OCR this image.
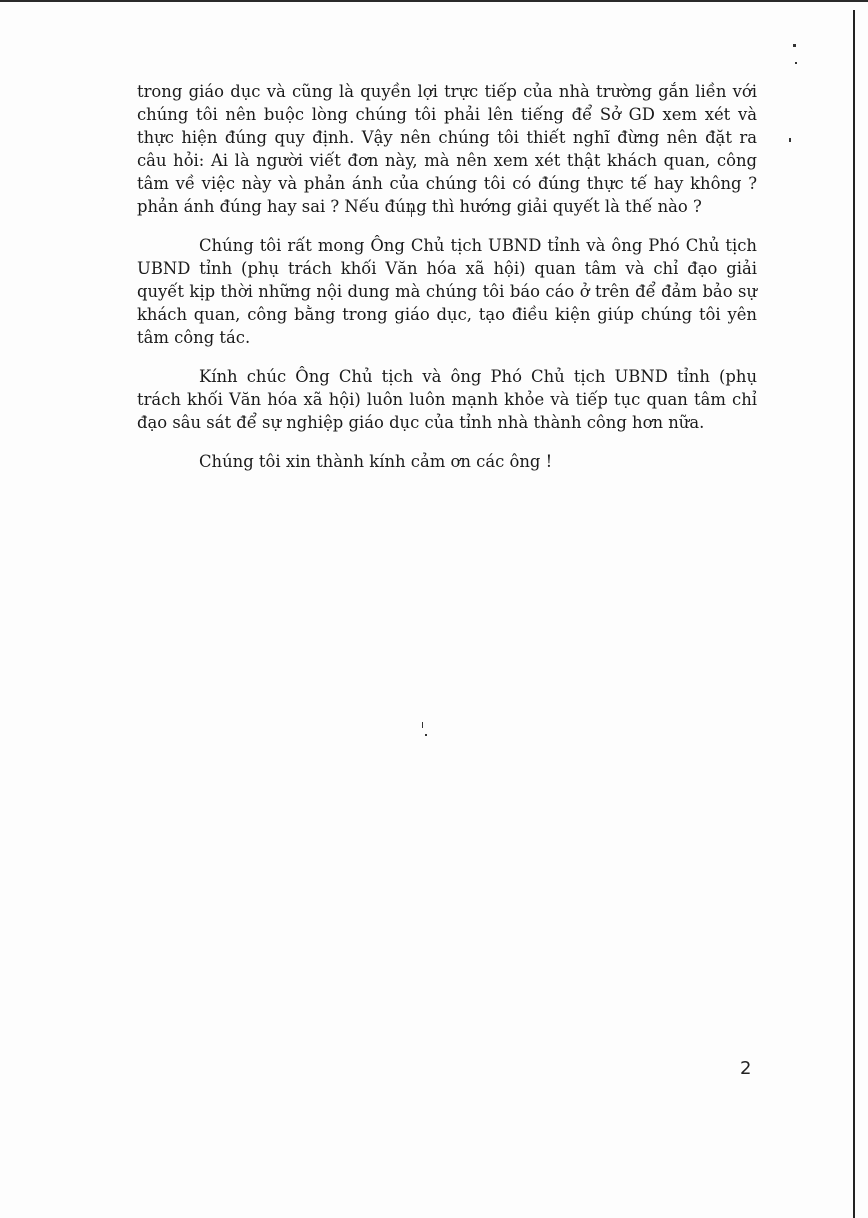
trong giáo dục và cũng là quyền lợi trực tiếp của nhà trường gắn liền với chúng tôi nên buộc lòng chúng tôi phải lên tiếng để Sở GD xem xét và thực hiện đúng quy định. Vậy nên chúng tôi thiết nghĩ đừng nên đặt ra câu hỏi: Ai là người viết đơn này, mà nên xem xét thật khách quan, công tâm về việc này và phản ánh của chúng tôi có đúng thực tế hay không ? phản ánh đúng hay sai ? Nếu đúng thì hướng giải quyết là thế nào ?

Chúng tôi rất mong Ông Chủ tịch UBND tỉnh và ông Phó Chủ tịch UBND tỉnh (phụ trách khối Văn hóa xã hội) quan tâm và chỉ đạo giải quyết kịp thời những nội dung mà chúng tôi báo cáo ở trên để đảm bảo sự khách quan, công bằng trong giáo dục, tạo điều kiện giúp chúng tôi yên tâm công tác.

Kính chúc Ông Chủ tịch và ông Phó Chủ tịch UBND tỉnh (phụ trách khối Văn hóa xã hội) luôn luôn mạnh khỏe và tiếp tục quan tâm chỉ đạo sâu sát để sự nghiệp giáo dục của tỉnh nhà thành công hơn nữa.

Chúng tôi xin thành kính cảm ơn các ông !

2
